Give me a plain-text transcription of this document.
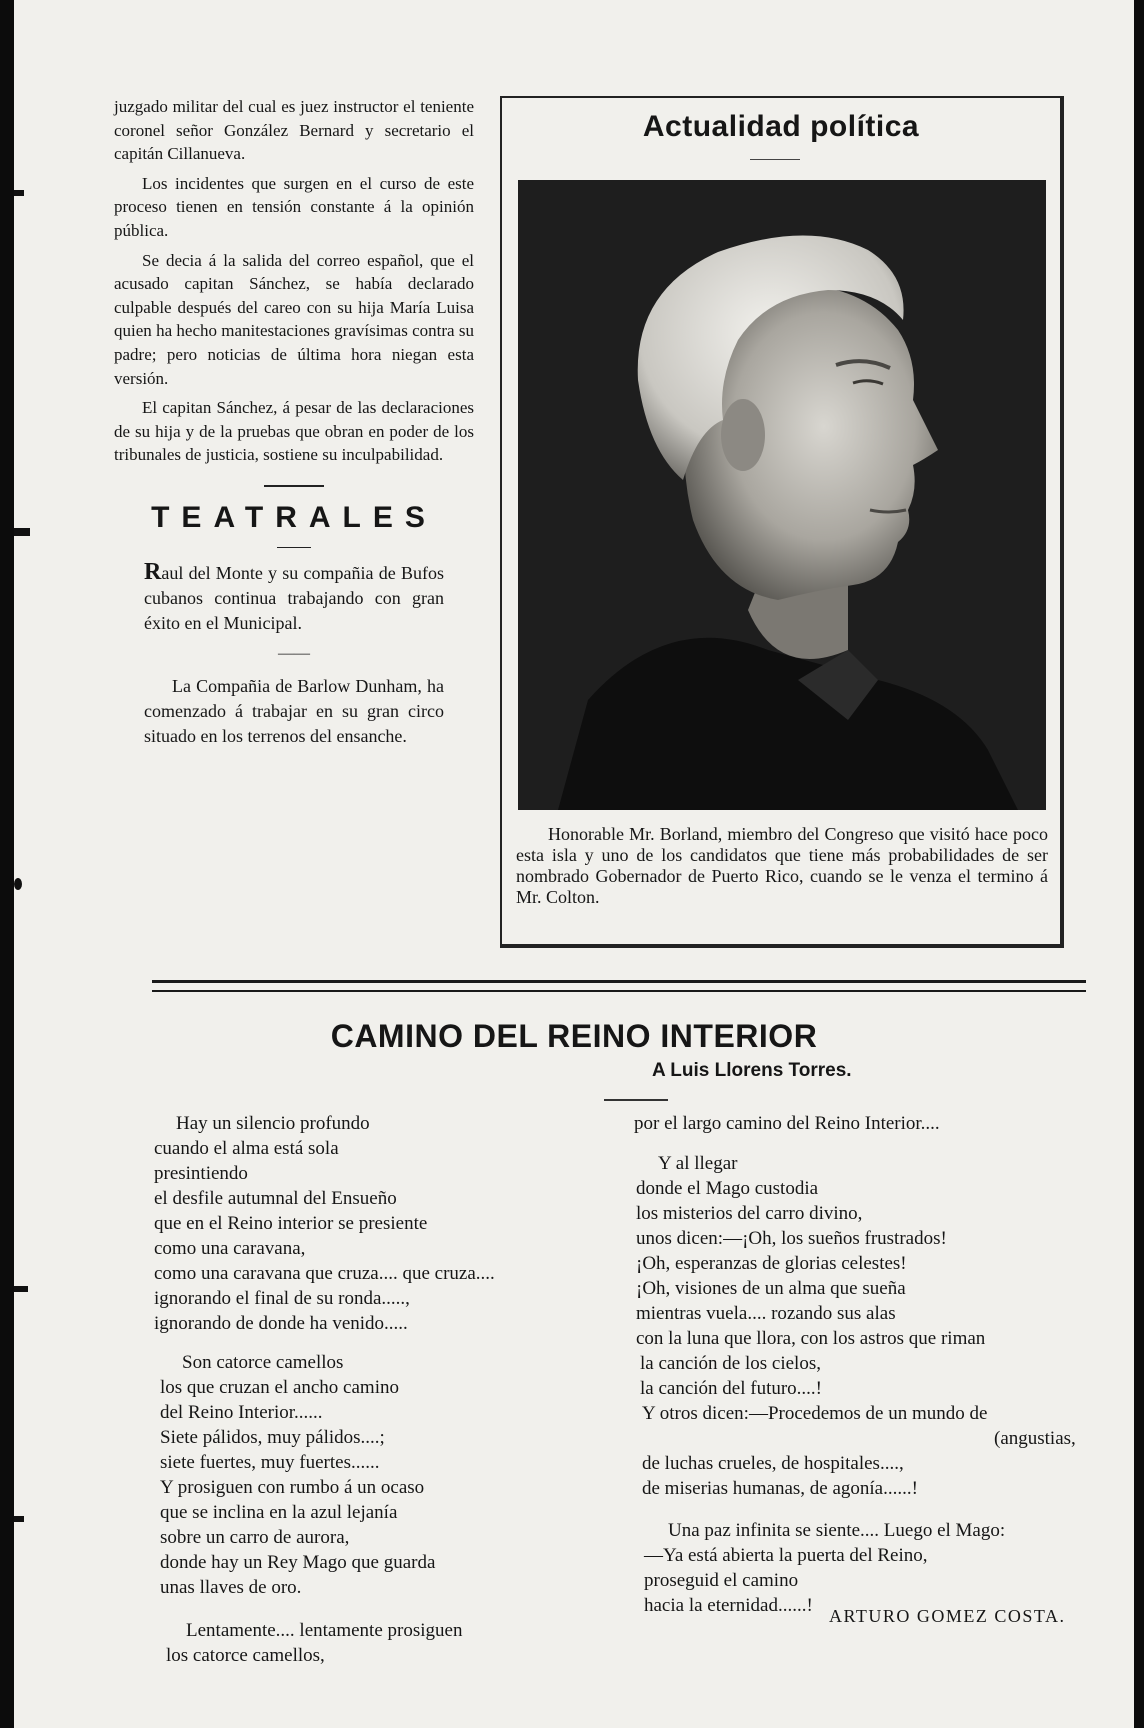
juzgado militar del cual es juez instructor el teniente coronel señor González Bernard y secretario el capitán Cillanueva.

Los incidentes que surgen en el curso de este proceso tienen en tensión constante á la opinión pública.

Se decia á la salida del correo español, que el acusado capitan Sánchez, se había declarado culpable después del careo con su hija María Luisa quien ha hecho manitestaciones gravísimas contra su padre; pero noticias de última hora niegan esta versión.

El capitan Sánchez, á pesar de las declaraciones de su hija y de la pruebas que obran en poder de los tribunales de justicia, sostiene su inculpabilidad.

TEATRALES

Raul del Monte y su compañia de Bufos cubanos continua trabajando con gran éxito en el Municipal.

——

La Compañia de Barlow Dunham, ha comenzado á trabajar en su gran circo situado en los terrenos del ensanche.

Actualidad política
Honorable Mr. Borland, miembro del Congreso que visitó hace poco esta isla y uno de los candidatos que tiene más probabilidades de ser nombrado Gobernador de Puerto Rico, cuando se le venza el termino á Mr. Colton.
CAMINO DEL REINO INTERIOR
A Luis Llorens Torres.
Hay un silencio profundo
cuando el alma está sola
presintiendo
el desfile autumnal del Ensueño
que en el Reino interior se presiente
como una caravana,
como una caravana que cruza.... que cruza....
ignorando el final de su ronda.....,
ignorando de donde ha venido.....
Son catorce camellos
los que cruzan el ancho camino
del Reino Interior......
Siete pálidos, muy pálidos....;
siete fuertes, muy fuertes......
Y prosiguen con rumbo á un ocaso
que se inclina en la azul lejanía
sobre un carro de aurora,
donde hay un Rey Mago que guarda
unas llaves de oro.
Lentamente.... lentamente prosiguen
los catorce camellos,
por el largo camino del Reino Interior....
Y al llegar
donde el Mago custodia
los misterios del carro divino,
unos dicen:—¡Oh, los sueños frustrados!
¡Oh, esperanzas de glorias celestes!
¡Oh, visiones de un alma que sueña
mientras vuela.... rozando sus alas
con la luna que llora, con los astros que riman
la canción de los cielos,
la canción del futuro....!
Y otros dicen:—Procedemos de un mundo de
(angustias,
de luchas crueles, de hospitales....,
de miserias humanas, de agonía......!
Una paz infinita se siente.... Luego el Mago:
—Ya está abierta la puerta del Reino,
proseguid el camino
hacia la eternidad......! ARTURO GOMEZ COSTA.
